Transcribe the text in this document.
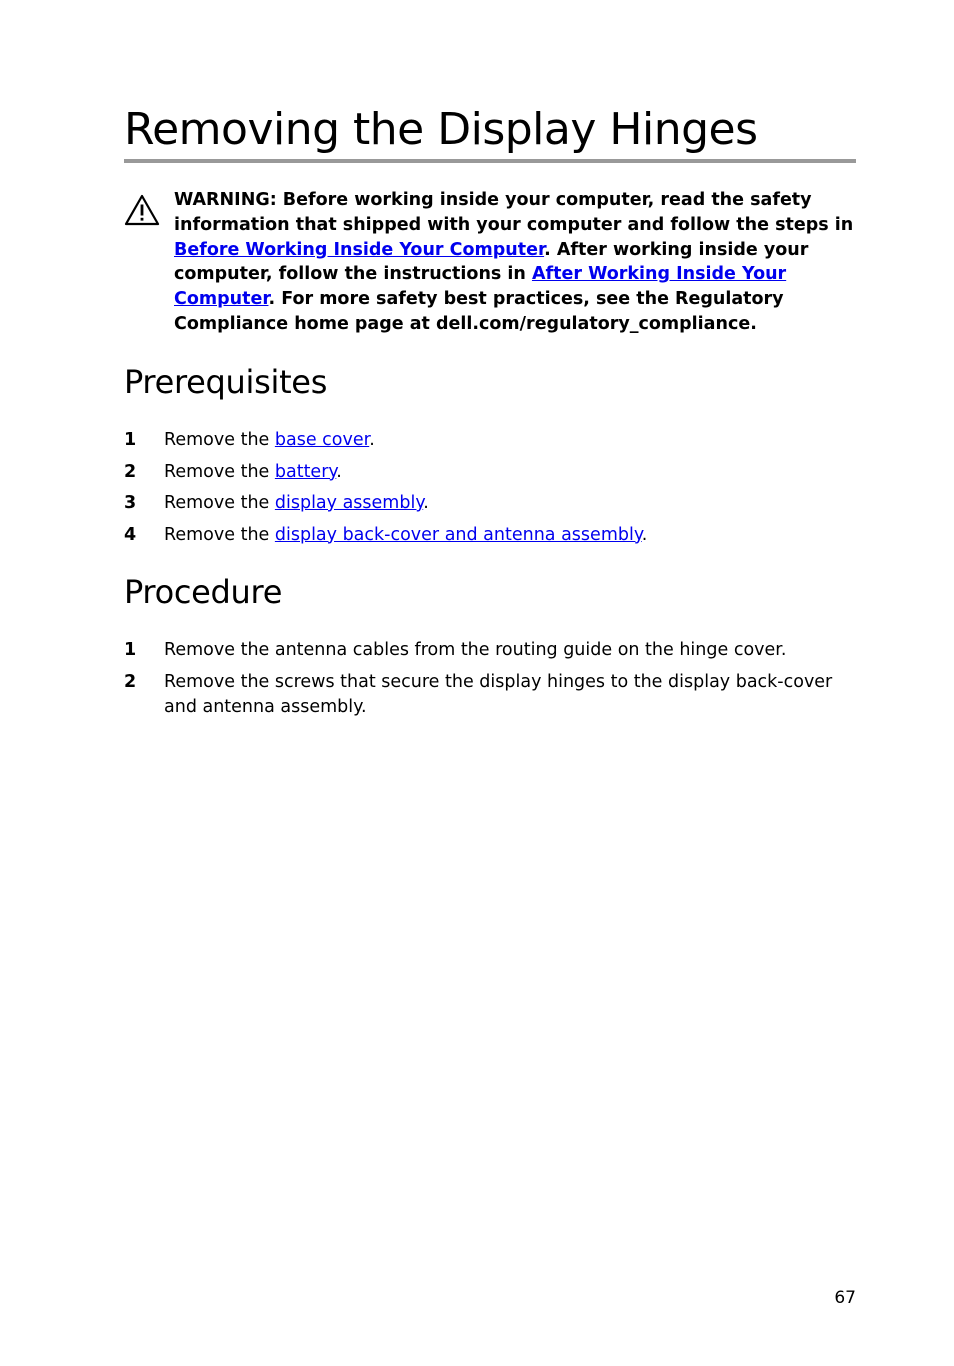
Removing the Display Hinges
WARNING: Before working inside your computer, read the safety information that shipped with your computer and follow the steps in Before Working Inside Your Computer. After working inside your computer, follow the instructions in After Working Inside Your Computer. For more safety best practices, see the Regulatory Compliance home page at dell.com/regulatory_compliance.
Prerequisites
1 Remove the base cover.
2 Remove the battery.
3 Remove the display assembly.
4 Remove the display back-cover and antenna assembly.
Procedure
1 Remove the antenna cables from the routing guide on the hinge cover.
2 Remove the screws that secure the display hinges to the display back-cover and antenna assembly.
67
